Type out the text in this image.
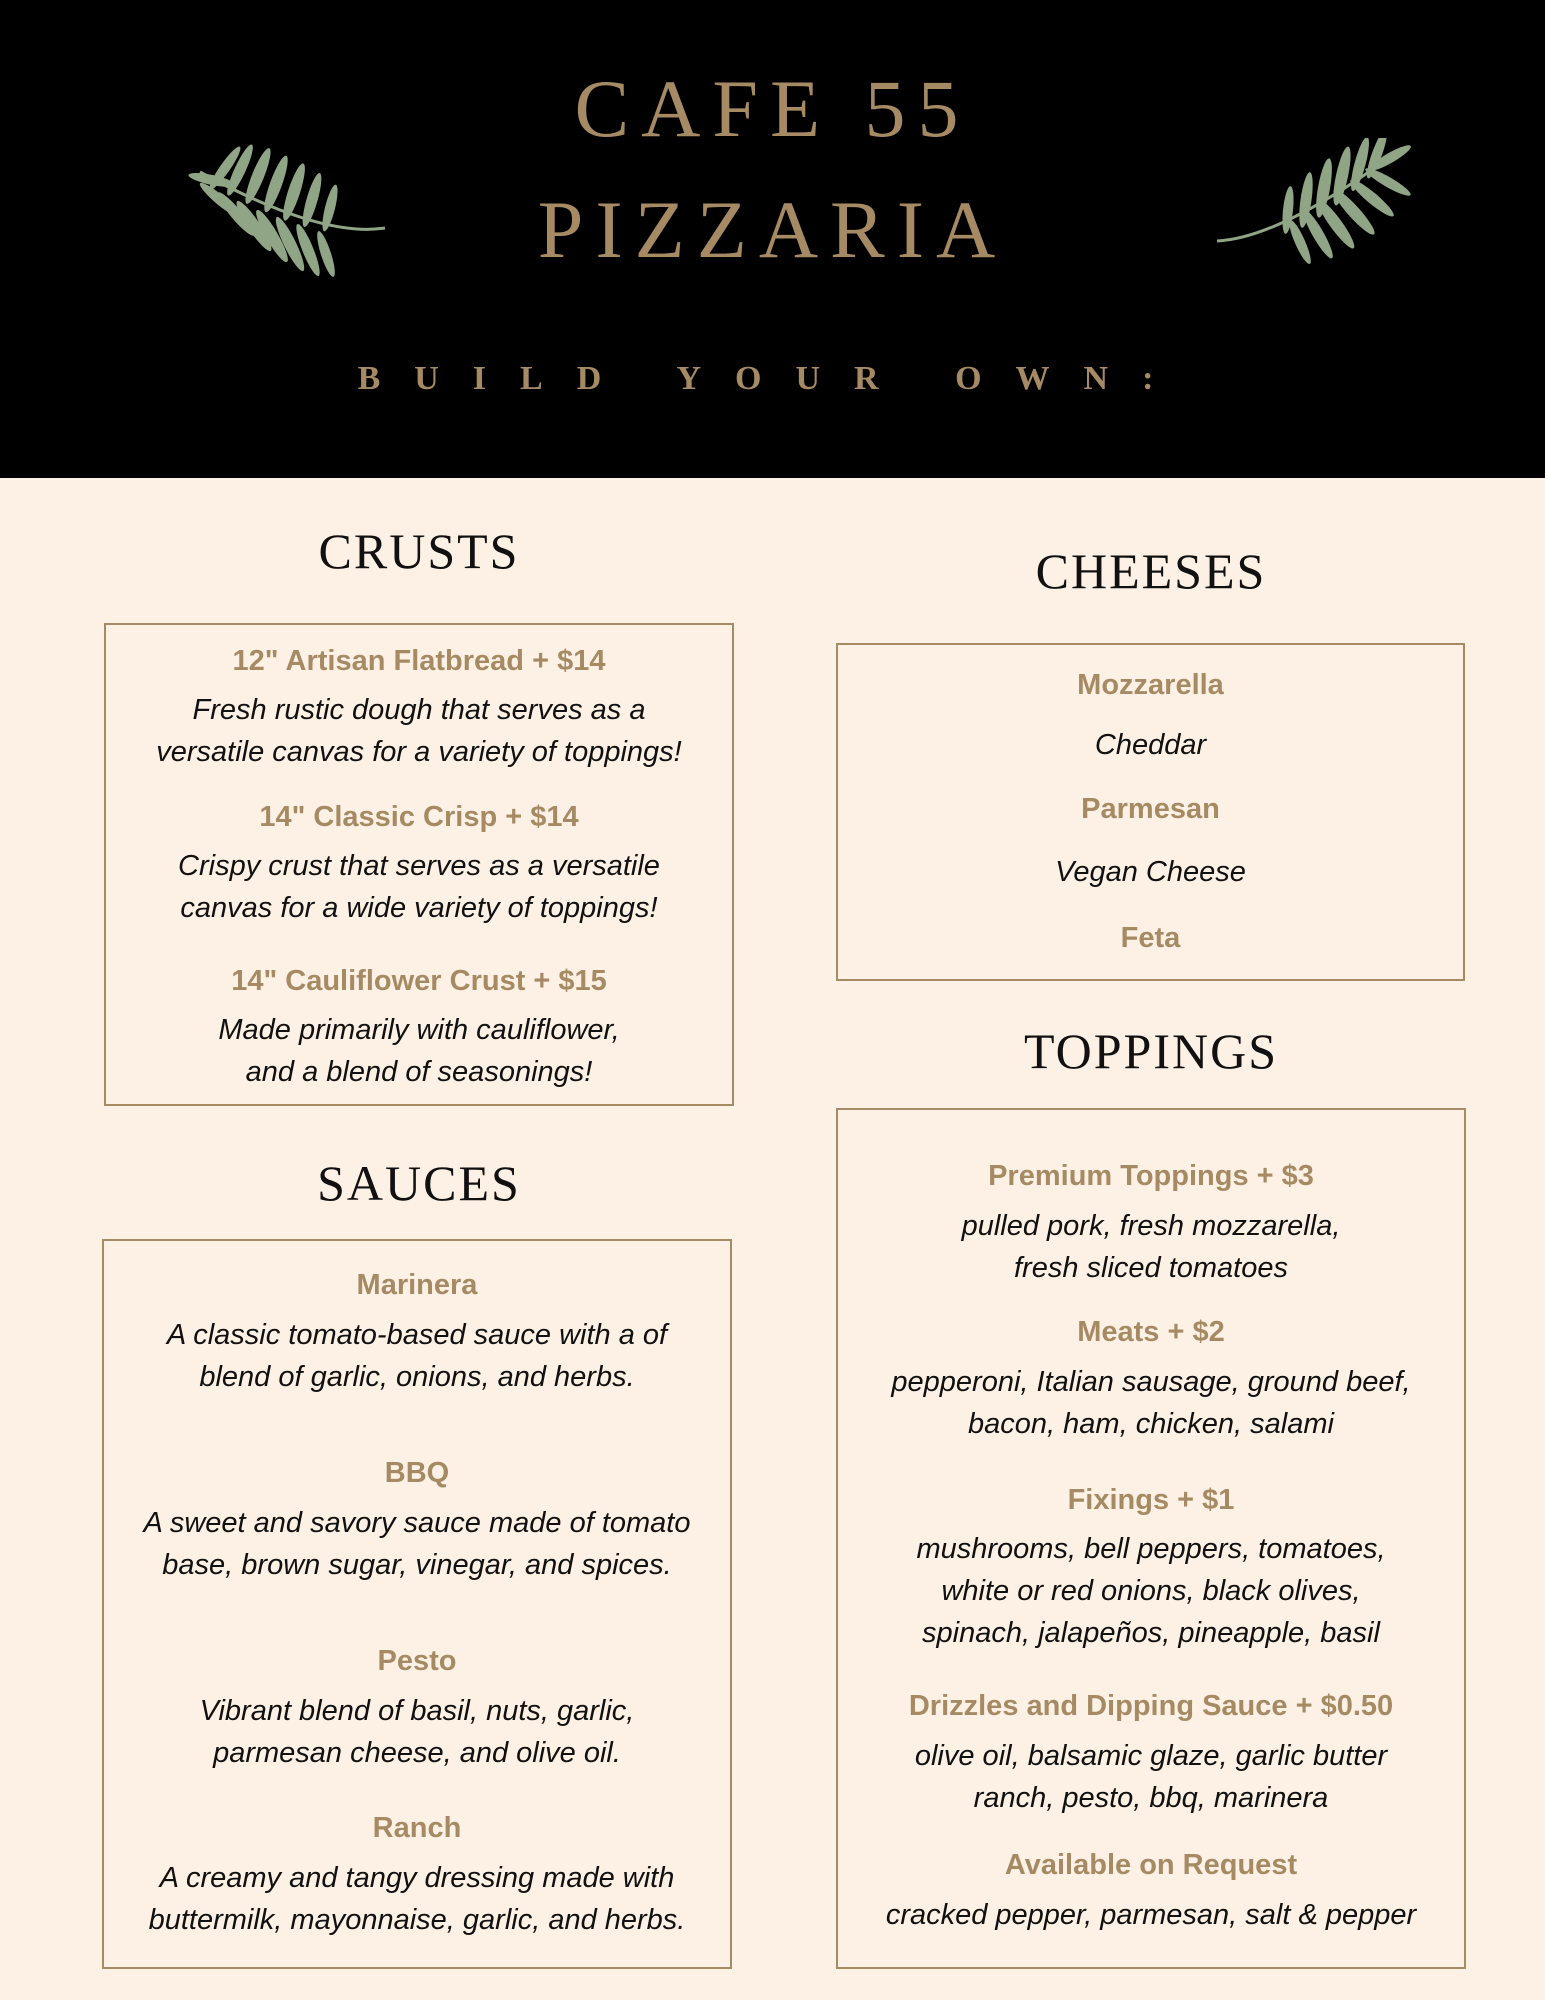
CAFE 55
PIZZARIA
BUILD YOUR OWN:
CRUSTS
12" Artisan Flatbread + $14
Fresh rustic dough that serves as a
versatile canvas for a variety of toppings!
14" Classic Crisp + $14
Crispy crust that serves as a versatile
canvas for a wide variety of toppings!
14" Cauliflower Crust + $15
Made primarily with cauliflower,
and a blend of seasonings!
SAUCES
Marinera
A classic tomato-based sauce with a of
blend of garlic, onions, and herbs.
BBQ
A sweet and savory sauce made of tomato
base, brown sugar, vinegar, and spices.
Pesto
Vibrant blend of basil, nuts, garlic,
parmesan cheese, and olive oil.
Ranch
A creamy and tangy dressing made with
buttermilk, mayonnaise, garlic, and herbs.
CHEESES
Mozzarella
Cheddar
Parmesan
Vegan Cheese
Feta
TOPPINGS
Premium Toppings + $3
pulled pork, fresh mozzarella,
fresh sliced tomatoes
Meats + $2
pepperoni, Italian sausage, ground beef,
bacon, ham, chicken, salami
Fixings + $1
mushrooms, bell peppers, tomatoes,
white or red onions, black olives,
spinach, jalapeños, pineapple, basil
Drizzles and Dipping Sauce + $0.50
olive oil, balsamic glaze, garlic butter
ranch, pesto, bbq, marinera
Available on Request
cracked pepper, parmesan, salt & pepper
